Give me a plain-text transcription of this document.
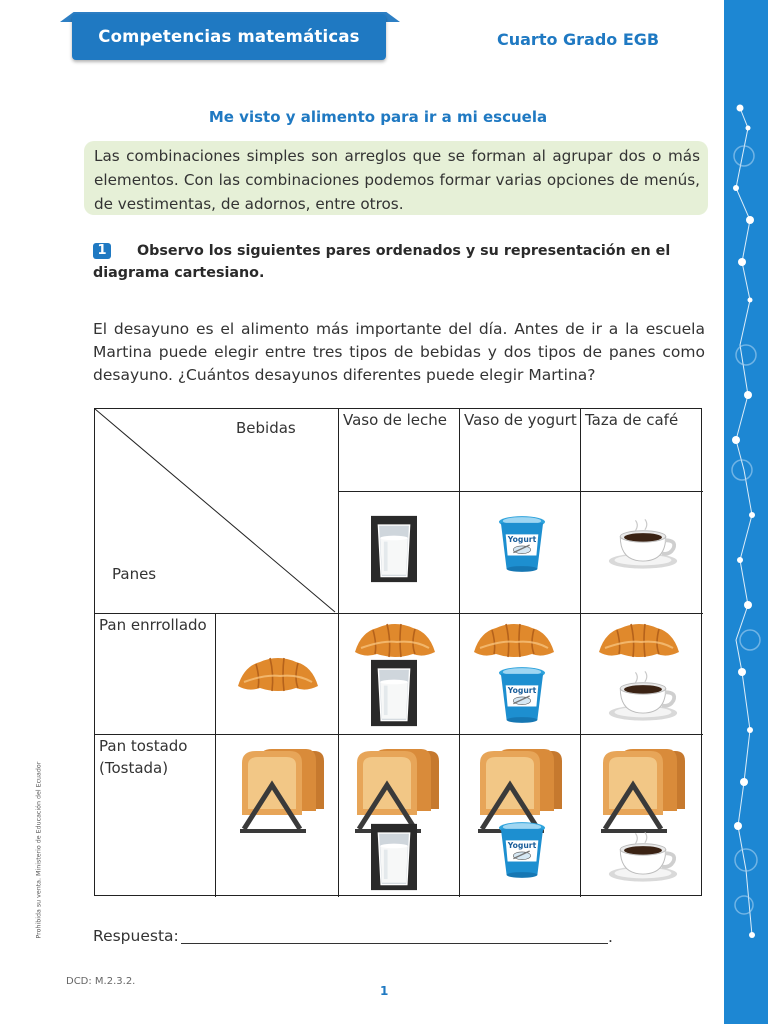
Competencias matemáticas	Cuarto Grado EGB
Me visto y alimento para ir a mi escuela
Las combinaciones simples son arreglos que se forman al agrupar dos o más elementos. Con las combinaciones podemos formar varias opciones de menús, de vestimentas, de adornos, entre otros.
1 Observo los siguientes pares ordenados y su representación en el diagrama cartesiano.
El desayuno es el alimento más importante del día. Antes de ir a la escuela Martina puede elegir entre tres tipos de bebidas y dos tipos de panes como desayuno. ¿Cuántos desayunos diferentes puede elegir Martina?
Bebidas
Panes
Vaso de leche	Vaso de yogurt Taza de café
Pan enrrollado
Pan tostado (Tostada)
Respuesta:	.
Prohibida su venta. Ministerio de Educación del Ecuador
DCD: M.2.3.2.
1
